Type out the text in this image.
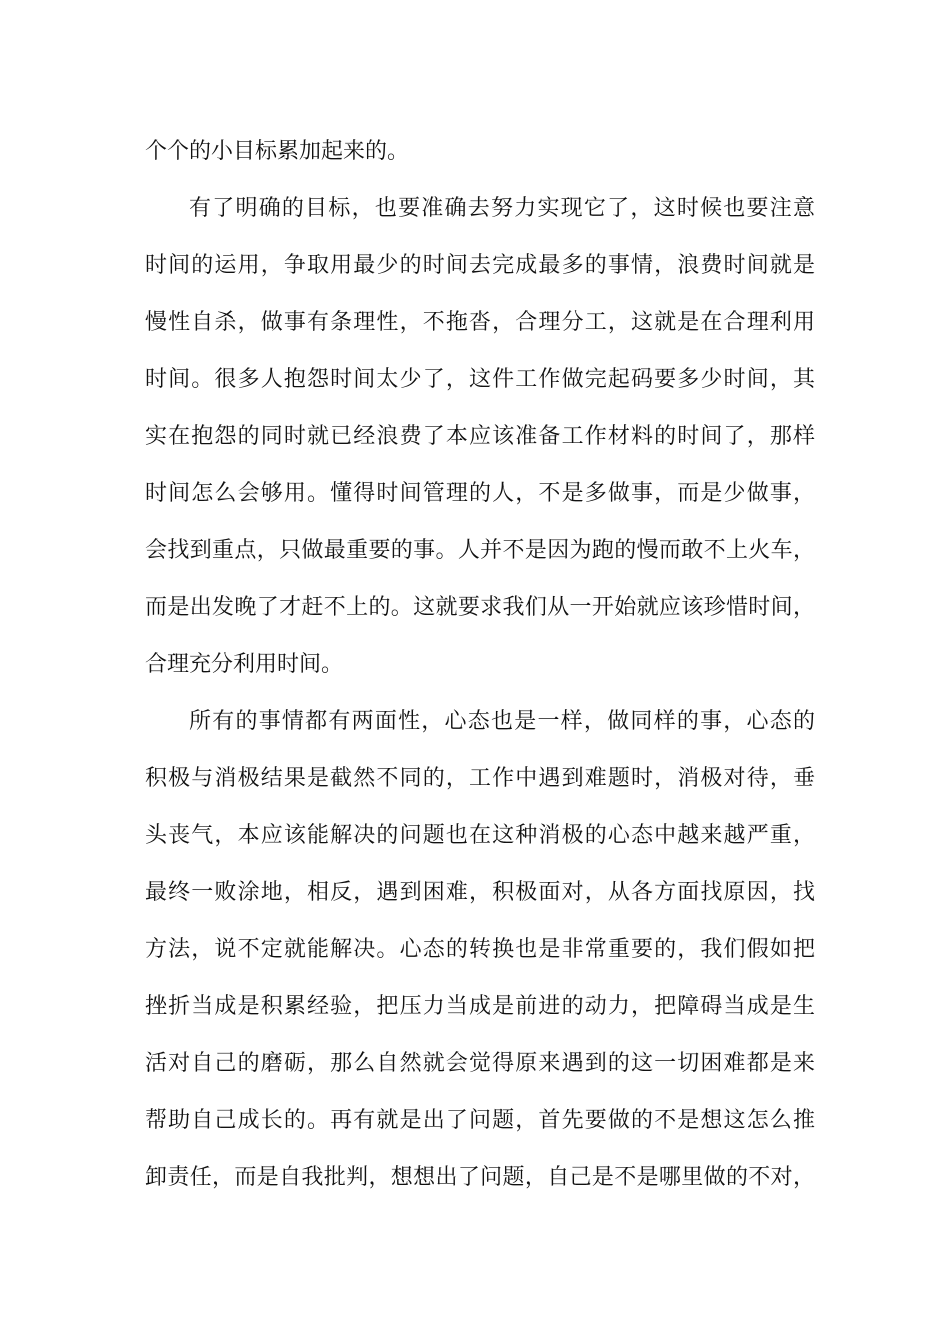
个个的小目标累加起来的。
有了明确的目标，也要准确去努力实现它了，这时候也要注意
时间的运用，争取用最少的时间去完成最多的事情，浪费时间就是
慢性自杀，做事有条理性，不拖沓，合理分工，这就是在合理利用
时间。很多人抱怨时间太少了，这件工作做完起码要多少时间，其
实在抱怨的同时就已经浪费了本应该准备工作材料的时间了，那样
时间怎么会够用。懂得时间管理的人，不是多做事，而是少做事，
会找到重点，只做最重要的事。人并不是因为跑的慢而敢不上火车，
而是出发晚了才赶不上的。这就要求我们从一开始就应该珍惜时间，
合理充分利用时间。
所有的事情都有两面性，心态也是一样，做同样的事，心态的
积极与消极结果是截然不同的，工作中遇到难题时，消极对待，垂
头丧气，本应该能解决的问题也在这种消极的心态中越来越严重，
最终一败涂地，相反，遇到困难，积极面对，从各方面找原因，找
方法，说不定就能解决。心态的转换也是非常重要的，我们假如把
挫折当成是积累经验，把压力当成是前进的动力，把障碍当成是生
活对自己的磨砺，那么自然就会觉得原来遇到的这一切困难都是来
帮助自己成长的。再有就是出了问题，首先要做的不是想这怎么推
卸责任，而是自我批判，想想出了问题，自己是不是哪里做的不对，
